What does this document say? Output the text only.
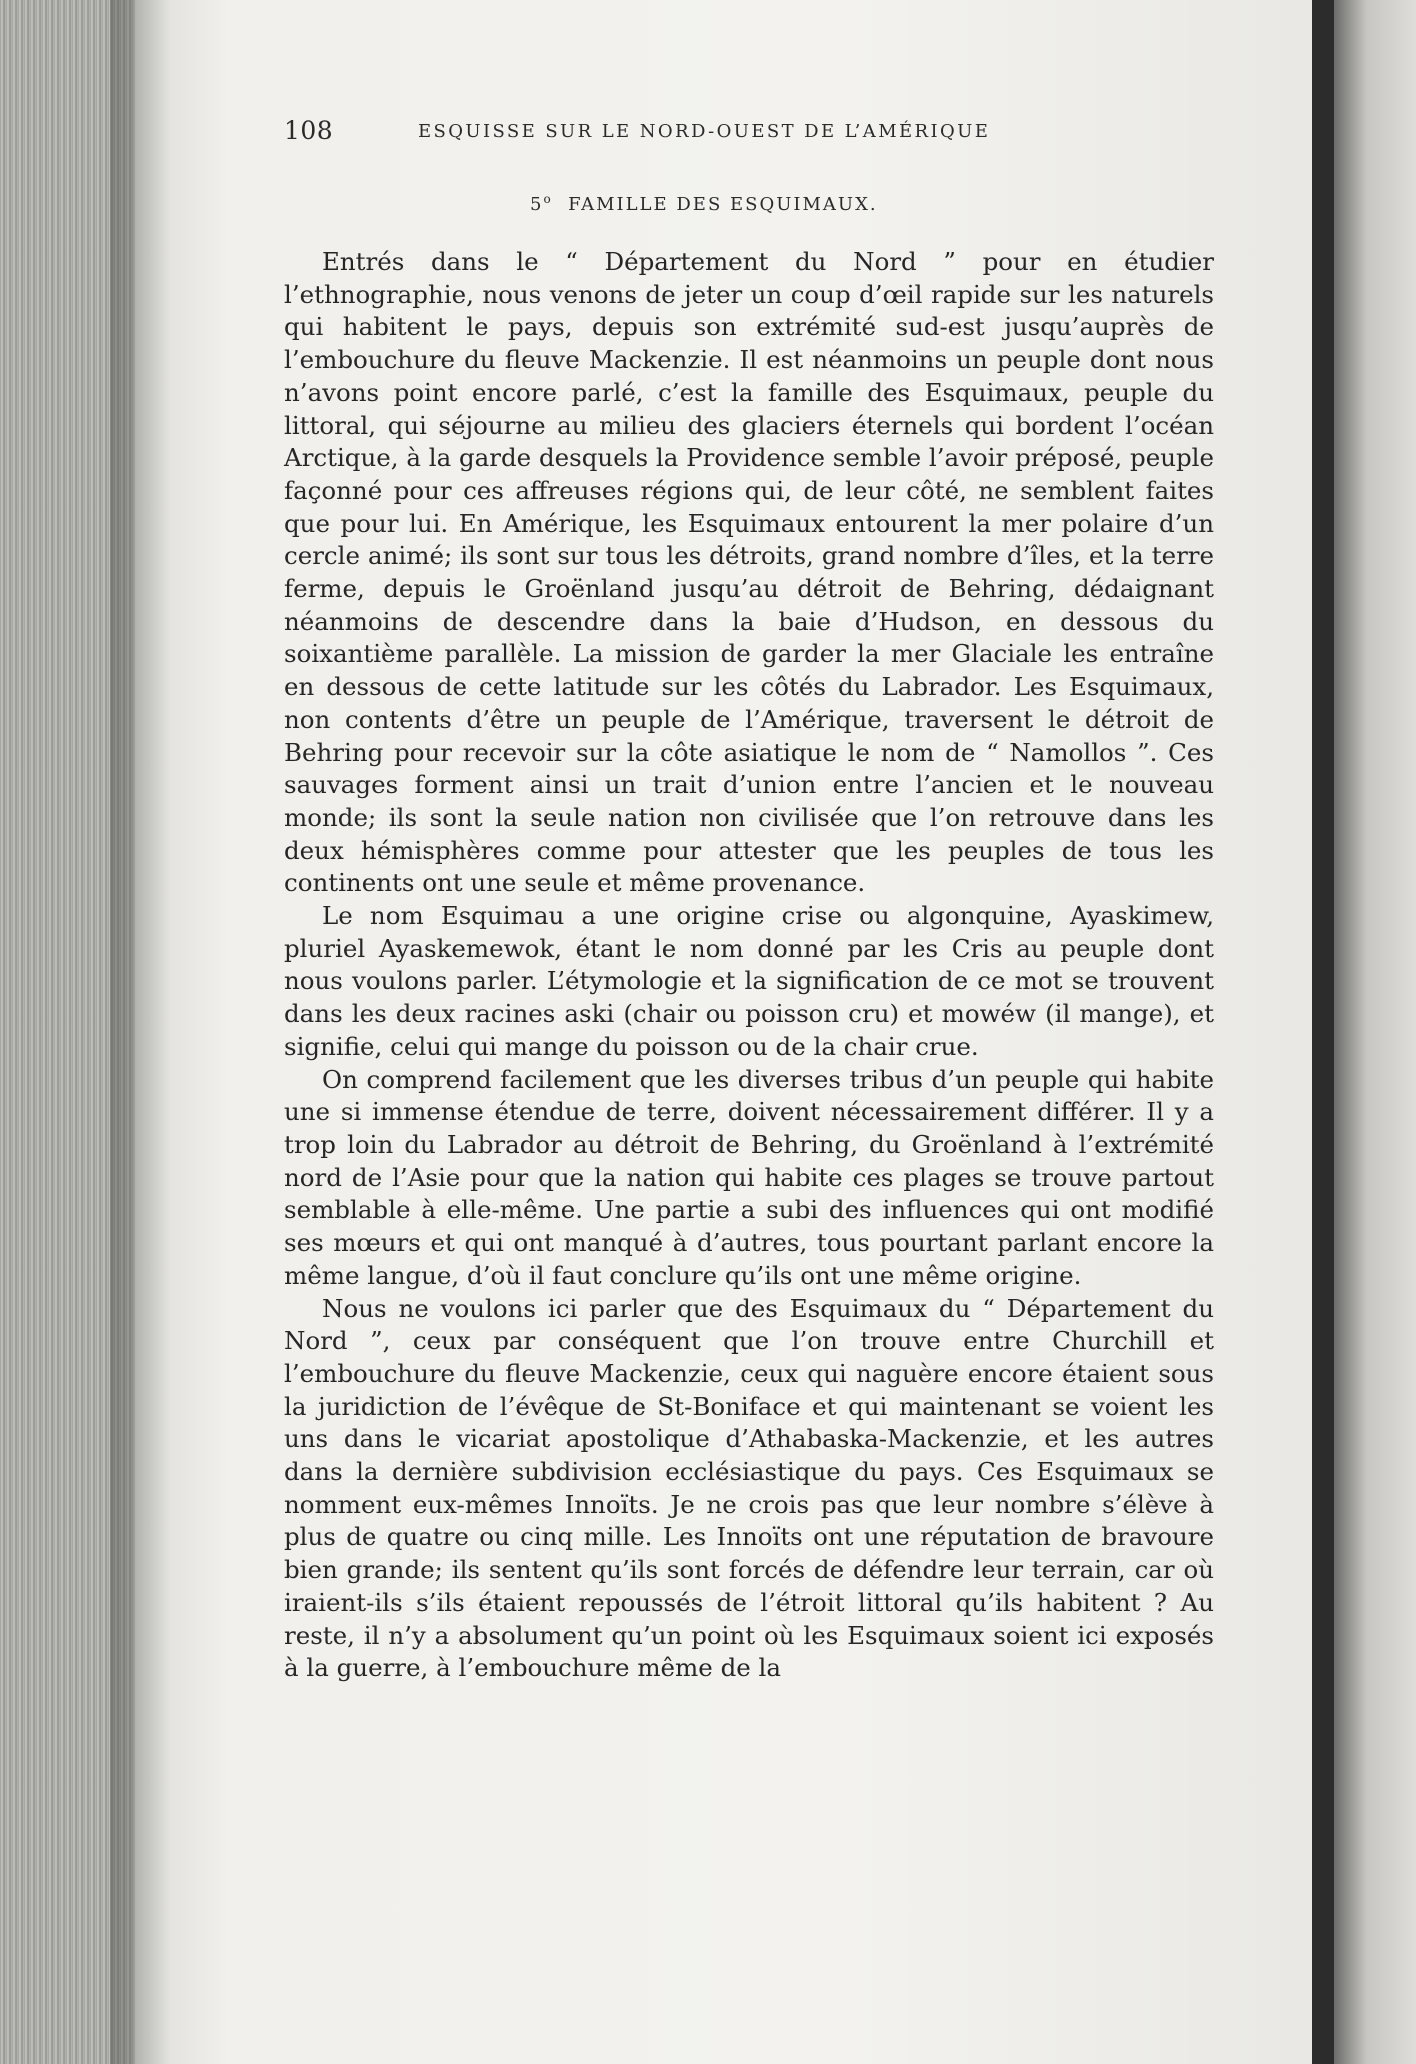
108	ESQUISSE SUR LE NORD-OUEST DE L’AMÉRIQUE
5$^o$ FAMILLE DES ESQUIMAUX.

Entrés dans le “ Département du Nord ” pour en étudier l’ethnographie, nous venons de jeter un coup d’œil rapide sur les naturels qui habitent le pays, depuis son extrémité sud-est jusqu’auprès de l’embouchure du fleuve Mackenzie. Il est néanmoins un peuple dont nous n’avons point encore parlé, c’est la famille des Esquimaux, peuple du littoral, qui séjourne au milieu des glaciers éternels qui bordent l’océan Arctique, à la garde desquels la Providence semble l’avoir préposé, peuple façonné pour ces affreuses régions qui, de leur côté, ne semblent faites que pour lui. En Amérique, les Esquimaux entourent la mer polaire d’un cercle animé; ils sont sur tous les détroits, grand nombre d’îles, et la terre ferme, depuis le Groënland jusqu’au détroit de Behring, dédaignant néanmoins de descendre dans la baie d’Hudson, en dessous du soixantième parallèle. La mission de garder la mer Glaciale les entraîne en dessous de cette latitude sur les côtés du Labrador. Les Esquimaux, non contents d’être un peuple de l’Amérique, traversent le détroit de Behring pour recevoir sur la côte asiatique le nom de “ Namollos ”. Ces sauvages forment ainsi un trait d’union entre l’ancien et le nouveau monde; ils sont la seule nation non civilisée que l’on retrouve dans les deux hémisphères comme pour attester que les peuples de tous les continents ont une seule et même provenance.

Le nom Esquimau a une origine crise ou algonquine, Ayaskimew, pluriel Ayaskemewok, étant le nom donné par les Cris au peuple dont nous voulons parler. L’étymologie et la signification de ce mot se trouvent dans les deux racines aski (chair ou poisson cru) et mowéw (il mange), et signifie, celui qui mange du poisson ou de la chair crue.

On comprend facilement que les diverses tribus d’un peuple qui habite une si immense étendue de terre, doivent nécessairement différer. Il y a trop loin du Labrador au détroit de Behring, du Groënland à l’extrémité nord de l’Asie pour que la nation qui habite ces plages se trouve partout semblable à elle-même. Une partie a subi des influences qui ont modifié ses mœurs et qui ont manqué à d’autres, tous pourtant parlant encore la même langue, d’où il faut conclure qu’ils ont une même origine.

Nous ne voulons ici parler que des Esquimaux du “ Département du Nord ”, ceux par conséquent que l’on trouve entre Churchill et l’embouchure du fleuve Mackenzie, ceux qui naguère encore étaient sous la juridiction de l’évêque de St-Boniface et qui maintenant se voient les uns dans le vicariat apostolique d’Athabaska-Mackenzie, et les autres dans la dernière subdivision ecclésiastique du pays. Ces Esquimaux se nomment eux-mêmes Innoïts. Je ne crois pas que leur nombre s’élève à plus de quatre ou cinq mille. Les Innoïts ont une réputation de bravoure bien grande; ils sentent qu’ils sont forcés de défendre leur terrain, car où iraient-ils s’ils étaient repoussés de l’étroit littoral qu’ils habitent ? Au reste, il n’y a absolument qu’un point où les Esquimaux soient ici exposés à la guerre, à l’embouchure même de la
